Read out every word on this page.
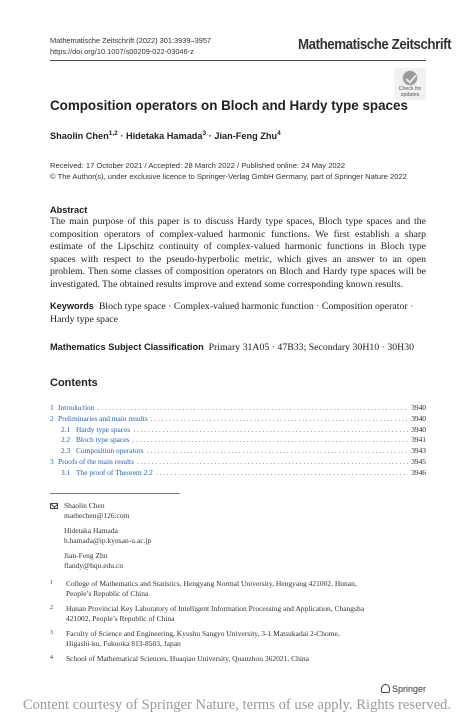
Mathematische Zeitschrift (2022) 301:3939–3957
https://doi.org/10.1007/s00209-022-03046-z	Mathematische Zeitschrift
Check for
updates
Composition operators on Bloch and Hardy type spaces
Shaolin Chen$^{1,2}$ · Hidetaka Hamada$^3$ · Jian-Feng Zhu$^4$
Received: 17 October 2021 / Accepted: 28 March 2022 / Published online: 24 May 2022
© The Author(s), under exclusive licence to Springer-Verlag GmbH Germany, part of Springer Nature 2022
Abstract
The main purpose of this paper is to discuss Hardy type spaces, Bloch type spaces and the composition operators of complex-valued harmonic functions. We first establish a sharp estimate of the Lipschitz continuity of complex-valued harmonic functions in Bloch type spaces with respect to the pseudo-hyperbolic metric, which gives an answer to an open problem. Then some classes of composition operators on Bloch and Hardy type spaces will be investigated. The obtained results improve and extend some corresponding known results.
Keywords Bloch type space · Complex-valued harmonic function · Composition operator · Hardy type space
Mathematics Subject Classification Primary 31A05 · 47B33; Secondary 30H10 · 30H30
Contents
1 Introduction . . .	3940
2 Preliminaries and main results . . .	3940
2.1 Hardy type spaces . . .	3940
2.2 Bloch type spaces . . .	3941
2.3 Composition operators . . .	3943
3 Proofs of the main results . . .	3945
3.1 The proof of Theorem 2.2 . . .	3946
Shaolin Chen
mathechen@126.com
Hidetaka Hamada
h.hamada@ip.kyusan-u.ac.jp
Jian-Feng Zhu
flandy@hqu.edu.cn
1	College of Mathematics and Statistics, Hengyang Normal University, Hengyang 421002, Hunan,
People’s Republic of China
2	Hunan Provincial Key Laboratory of Intelligent Information Processing and Application, Changsha
421002, People’s Republic of China
3	Faculty of Science and Engineering, Kyushu Sangyo University, 3-1 Matsukadai 2-Chome,
Higashi-ku, Fukuoka 813-8503, Japan
4	School of Mathematical Sciences, Huaqiao University, Quanzhou 362021, China
Springer
Content courtesy of Springer Nature, terms of use apply. Rights reserved.
